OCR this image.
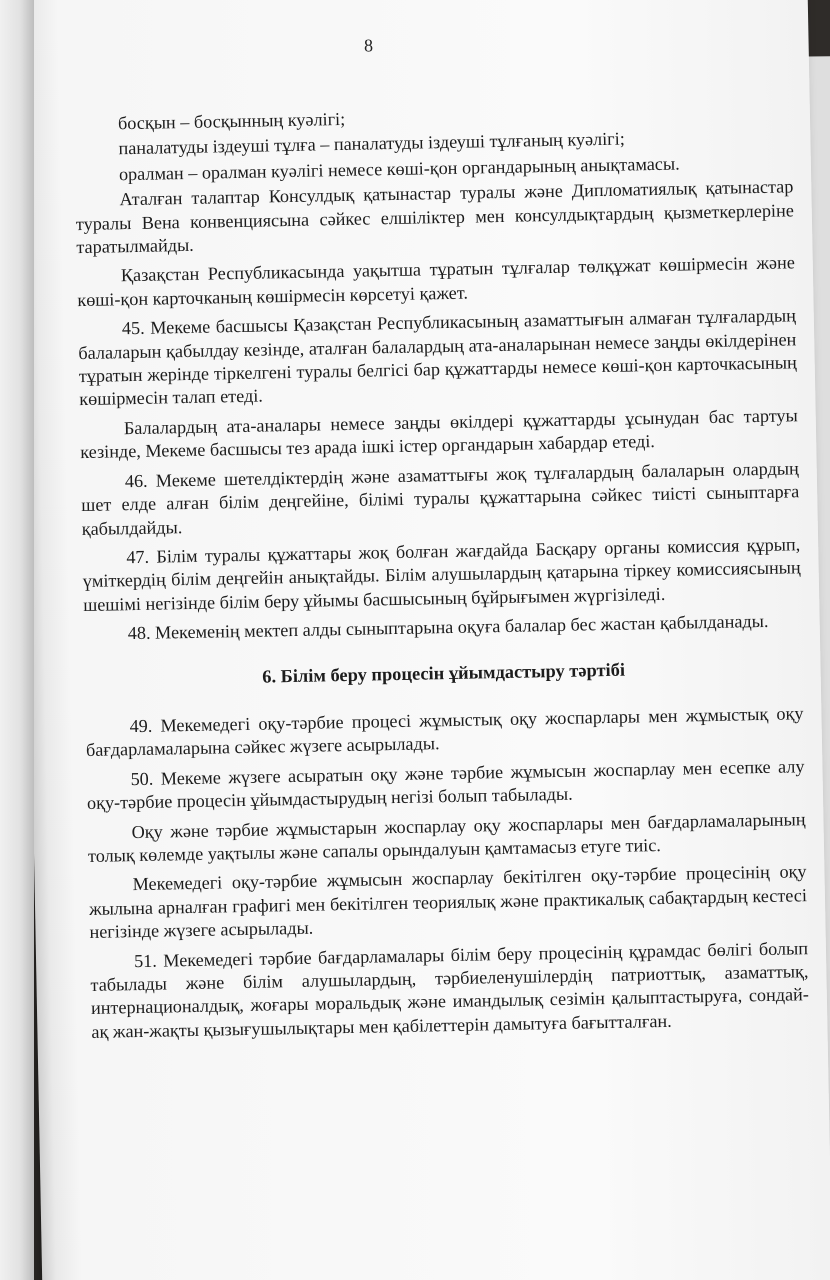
8

босқын – босқынның куәлігі;

паналатуды іздеуші тұлға – паналатуды іздеуші тұлғаның куәлігі;

оралман – оралман куәлігі немесе көші-қон органдарының анықтамасы.

Аталған талаптар Консулдық қатынастар туралы және Дипломатиялық қатынастар туралы Вена конвенциясына сәйкес елшіліктер мен консулдықтардың қызметкерлеріне таратылмайды.

Қазақстан Республикасында уақытша тұратын тұлғалар төлқұжат көшірмесін және көші-қон карточканың көшірмесін көрсетуі қажет.

45. Мекеме басшысы Қазақстан Республикасының азаматтығын алмаған тұлғалардың балаларын қабылдау кезінде, аталған балалардың ата-аналарынан немесе заңды өкілдерінен тұратын жерінде тіркелгені туралы белгісі бар құжаттарды немесе көші-қон карточкасының көшірмесін талап етеді.

Балалардың ата-аналары немесе заңды өкілдері құжаттарды ұсынудан бас тартуы кезінде, Мекеме басшысы тез арада ішкі істер органдарын хабардар етеді.

46. Мекеме шетелдіктердің және азаматтығы жоқ тұлғалардың балаларын олардың шет елде алған білім деңгейіне, білімі туралы құжаттарына сәйкес тиісті сыныптарға қабылдайды.

47. Білім туралы құжаттары жоқ болған жағдайда Басқару органы комиссия құрып, үміткердің білім деңгейін анықтайды. Білім алушылардың қатарына тіркеу комиссиясының шешімі негізінде білім беру ұйымы басшысының бұйрығымен жүргізіледі.

48. Мекеменің мектеп алды сыныптарына оқуға балалар бес жастан қабылданады.

6. Білім беру процесін ұйымдастыру тәртібі

49. Мекемедегі оқу-тәрбие процесі жұмыстық оқу жоспарлары мен жұмыстық оқу бағдарламаларына сәйкес жүзеге асырылады.

50. Мекеме жүзеге асыратын оқу және тәрбие жұмысын жоспарлау мен есепке алу оқу-тәрбие процесін ұйымдастырудың негізі болып табылады.

Оқу және тәрбие жұмыстарын жоспарлау оқу жоспарлары мен бағдарламаларының толық көлемде уақтылы және сапалы орындалуын қамтамасыз етуге тиіс.

Мекемедегі оқу-тәрбие жұмысын жоспарлау бекітілген оқу-тәрбие процесінің оқу жылына арналған графигі мен бекітілген теориялық және практикалық сабақтардың кестесі негізінде жүзеге асырылады.

51. Мекемедегі тәрбие бағдарламалары білім беру процесінің құрамдас бөлігі болып табылады және білім алушылардың, тәрбиеленушілердің патриоттық, азаматтық, интернационалдық, жоғары моральдық және имандылық сезімін қалыптастыруға, сондай-ақ жан-жақты қызығушылықтары мен қабілеттерін дамытуға бағытталған.
